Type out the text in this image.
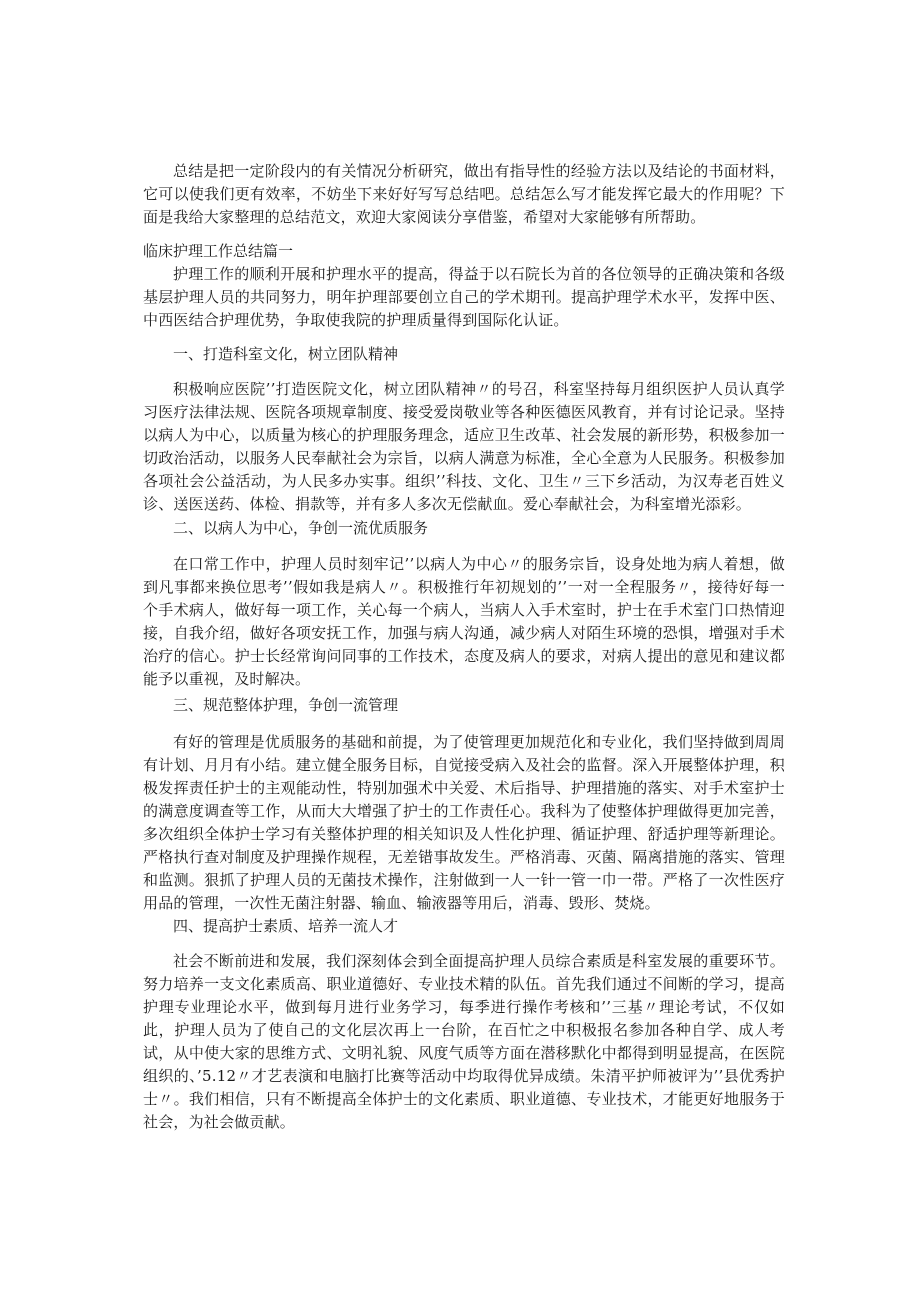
总结是把一定阶段内的有关情况分析研究，做出有指导性的经验方法以及结论的书面材料，它可以使我们更有效率，不妨坐下来好好写写总结吧。总结怎么写才能发挥它最大的作用呢？下面是我给大家整理的总结范文，欢迎大家阅读分享借鉴，希望对大家能够有所帮助。

临床护理工作总结篇一

护理工作的顺利开展和护理水平的提高，得益于以石院长为首的各位领导的正确决策和各级基层护理人员的共同努力，明年护理部要创立自己的学术期刊。提高护理学术水平，发挥中医、中西医结合护理优势，争取使我院的护理质量得到国际化认证。

一、打造科室文化，树立团队精神

积极响应医院’’打造医院文化，树立团队精神〃的号召，科室坚持每月组织医护人员认真学习医疗法律法规、医院各项规章制度、接受爱岗敬业等各种医德医风教育，并有讨论记录。坚持以病人为中心，以质量为核心的护理服务理念，适应卫生改革、社会发展的新形势，积极参加一切政治活动，以服务人民奉献社会为宗旨，以病人满意为标准，全心全意为人民服务。积极参加各项社会公益活动，为人民多办实事。组织’’科技、文化、卫生〃三下乡活动，为汉寿老百姓义诊、送医送药、体检、捐款等，并有多人多次无偿献血。爱心奉献社会，为科室增光添彩。

二、以病人为中心，争创一流优质服务

在口常工作中，护理人员时刻牢记’’以病人为中心〃的服务宗旨，设身处地为病人着想，做到凡事都来换位思考’’假如我是病人〃。积极推行年初规划的’’一对一全程服务〃，接待好每一个手术病人，做好每一项工作，关心每一个病人，当病人入手术室时，护士在手术室门口热情迎接，自我介绍，做好各项安抚工作，加强与病人沟通，减少病人对陌生环境的恐惧，增强对手术治疗的信心。护士长经常询问同事的工作技术，态度及病人的要求，对病人提出的意见和建议都能予以重视，及时解决。

三、规范整体护理，争创一流管理

有好的管理是优质服务的基础和前提，为了使管理更加规范化和专业化，我们坚持做到周周有计划、月月有小结。建立健全服务目标，自觉接受病入及社会的监督。深入开展整体护理，积极发挥责任护士的主观能动性，特别加强术中关爱、术后指导、护理措施的落实、对手术室护士的满意度调查等工作，从而大大增强了护士的工作责任心。我科为了使整体护理做得更加完善，多次组织全体护士学习有关整体护理的相关知识及人性化护理、循证护理、舒适护理等新理论。严格执行查对制度及护理操作规程，无差错事故发生。严格消毒、灭菌、隔离措施的落实、管理和监测。狠抓了护理人员的无菌技术操作，注射做到一人一针一管一巾一带。严格了一次性医疗用品的管理，一次性无菌注射器、输血、输液器等用后，消毒、毁形、焚烧。

四、提高护士素质、培养一流人才

社会不断前进和发展，我们深刻体会到全面提高护理人员综合素质是科室发展的重要环节。努力培养一支文化素质高、职业道德好、专业技术精的队伍。首先我们通过不间断的学习，提高护理专业理论水平，做到每月进行业务学习，每季进行操作考核和’’三基〃理论考试，不仅如此，护理人员为了使自己的文化层次再上一台阶，在百忙之中积极报名参加各种自学、成人考试，从中使大家的思维方式、文明礼貌、风度气质等方面在潜移默化中都得到明显提高，在医院组织的、’5.12〃才艺表演和电脑打比赛等活动中均取得优异成绩。朱清平护师被评为’’县优秀护士〃。我们相信，只有不断提高全体护士的文化素质、职业道德、专业技术，才能更好地服务于社会，为社会做贡献。
